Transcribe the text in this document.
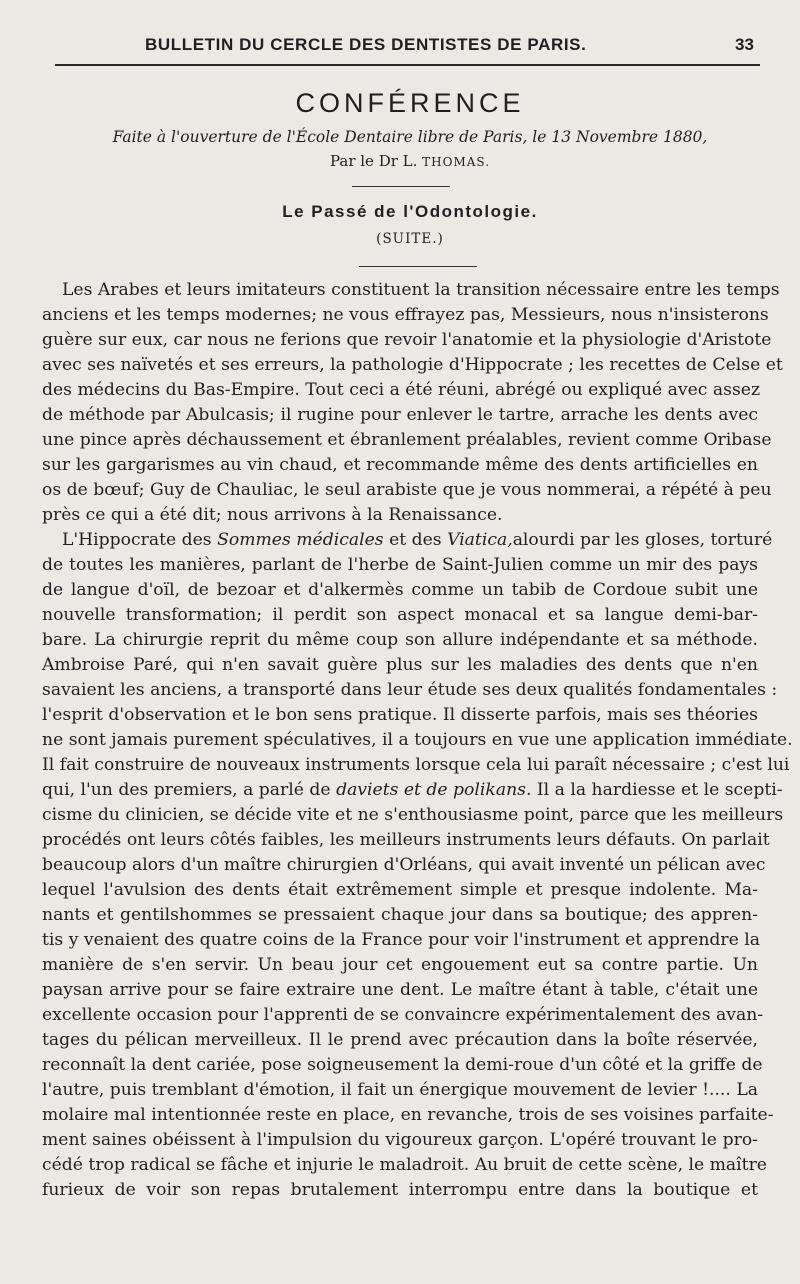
BULLETIN DU CERCLE DES DENTISTES DE PARIS.	33
CONFÉRENCE
Faite à l'ouverture de l'École Dentaire libre de Paris, le 13 Novembre 1880,
Par le Dr L. THOMAS.
Le Passé de l'Odontologie.
(SUITE.)
Les Arabes et leurs imitateurs constituent la transition nécessaire entre les temps
anciens et les temps modernes; ne vous effrayez pas, Messieurs, nous n'insisterons
guère sur eux, car nous ne ferions que revoir l'anatomie et la physiologie d'Aristote
avec ses naïvetés et ses erreurs, la pathologie d'Hippocrate ; les recettes de Celse et
des médecins du Bas-Empire. Tout ceci a été réuni, abrégé ou expliqué avec assez
de méthode par Abulcasis; il rugine pour enlever le tartre, arrache les dents avec
une pince après déchaussement et ébranlement préalables, revient comme Oribase
sur les gargarismes au vin chaud, et recommande même des dents artificielles en
os de bœuf; Guy de Chauliac, le seul arabiste que je vous nommerai, a répété à peu
près ce qui a été dit; nous arrivons à la Renaissance.
L'Hippocrate des Sommes médicales et des Viatica,alourdi par les gloses, torturé
de toutes les manières, parlant de l'herbe de Saint-Julien comme un mir des pays
de langue d'oïl, de bezoar et d'alkermès comme un tabib de Cordoue subit une
nouvelle transformation; il perdit son aspect monacal et sa langue demi-bar-
bare. La chirurgie reprit du même coup son allure indépendante et sa méthode.
Ambroise Paré, qui n'en savait guère plus sur les maladies des dents que n'en
savaient les anciens, a transporté dans leur étude ses deux qualités fondamentales :
l'esprit d'observation et le bon sens pratique. Il disserte parfois, mais ses théories
ne sont jamais purement spéculatives, il a toujours en vue une application immédiate.
Il fait construire de nouveaux instruments lorsque cela lui paraît nécessaire ; c'est lui
qui, l'un des premiers, a parlé de daviets et de polikans. Il a la hardiesse et le scepti-
cisme du clinicien, se décide vite et ne s'enthousiasme point, parce que les meilleurs
procédés ont leurs côtés faibles, les meilleurs instruments leurs défauts. On parlait
beaucoup alors d'un maître chirurgien d'Orléans, qui avait inventé un pélican avec
lequel l'avulsion des dents était extrêmement simple et presque indolente. Ma-
nants et gentilshommes se pressaient chaque jour dans sa boutique; des appren-
tis y venaient des quatre coins de la France pour voir l'instrument et apprendre la
manière de s'en servir. Un beau jour cet engouement eut sa contre partie. Un
paysan arrive pour se faire extraire une dent. Le maître étant à table, c'était une
excellente occasion pour l'apprenti de se convaincre expérimentalement des avan-
tages du pélican merveilleux. Il le prend avec précaution dans la boîte réservée,
reconnaît la dent cariée, pose soigneusement la demi-roue d'un côté et la griffe de
l'autre, puis tremblant d'émotion, il fait un énergique mouvement de levier !.... La
molaire mal intentionnée reste en place, en revanche, trois de ses voisines parfaite-
ment saines obéissent à l'impulsion du vigoureux garçon. L'opéré trouvant le pro-
cédé trop radical se fâche et injurie le maladroit. Au bruit de cette scène, le maître
furieux de voir son repas brutalement interrompu entre dans la boutique et
